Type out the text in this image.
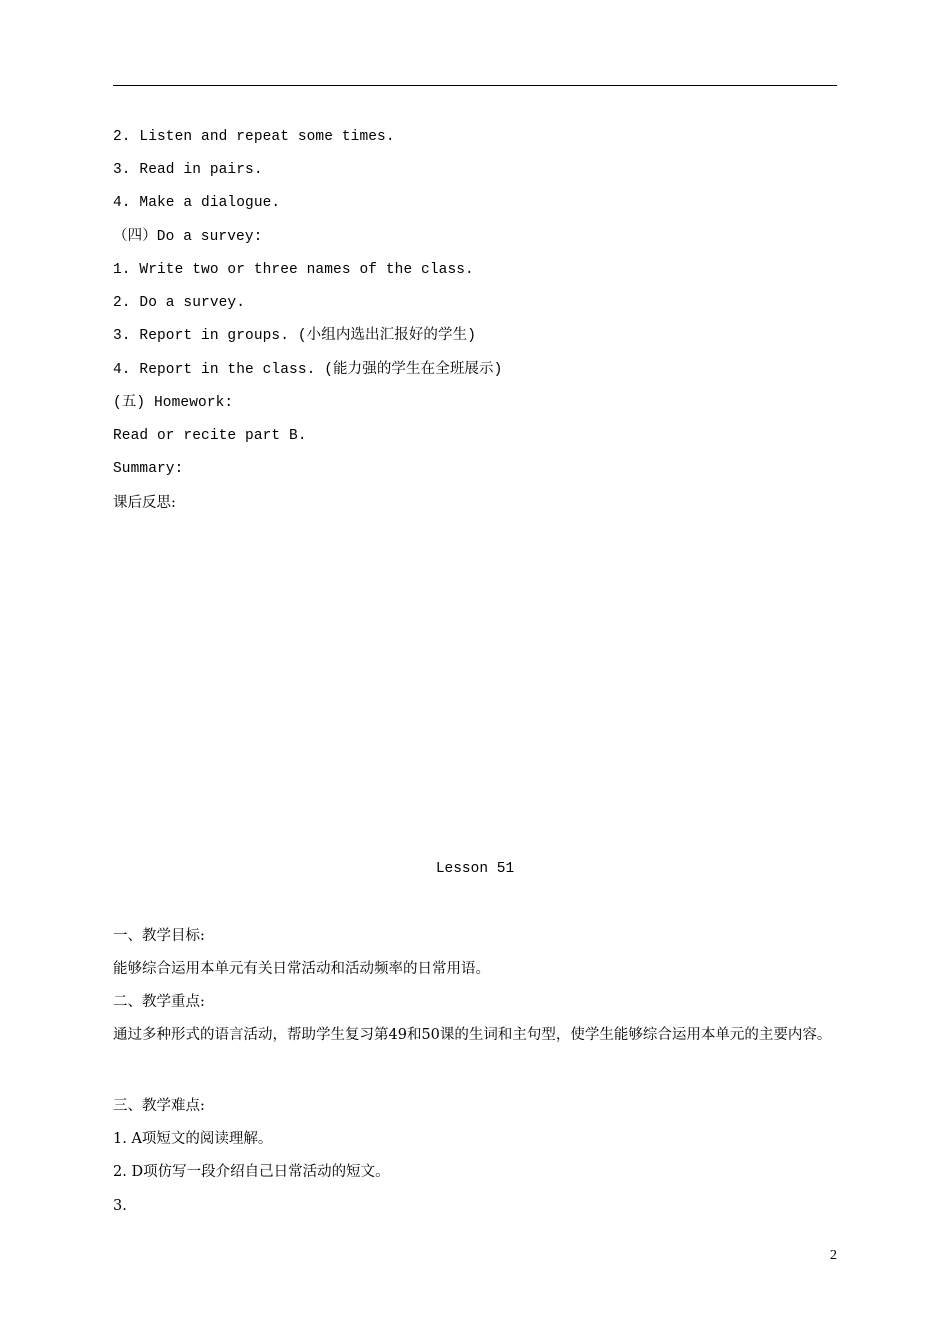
2. Listen and repeat some times.
3. Read in pairs.
4. Make a dialogue.
（四）Do a survey:
1. Write two or three names of the class.
2. Do a survey.
3. Report in groups. (小组内选出汇报好的学生)
4. Report in the class. (能力强的学生在全班展示)
(五) Homework:
Read or recite part B.
Summary:
课后反思:
Lesson 51
一、教学目标:
能够综合运用本单元有关日常活动和活动频率的日常用语。
二、教学重点:
通过多种形式的语言活动，帮助学生复习第49和50课的生词和主句型，使学生能够综合运用本单元的主要内容。
三、教学难点:
1. A项短文的阅读理解。
2. D项仿写一段介绍自己日常活动的短文。
3.
2
